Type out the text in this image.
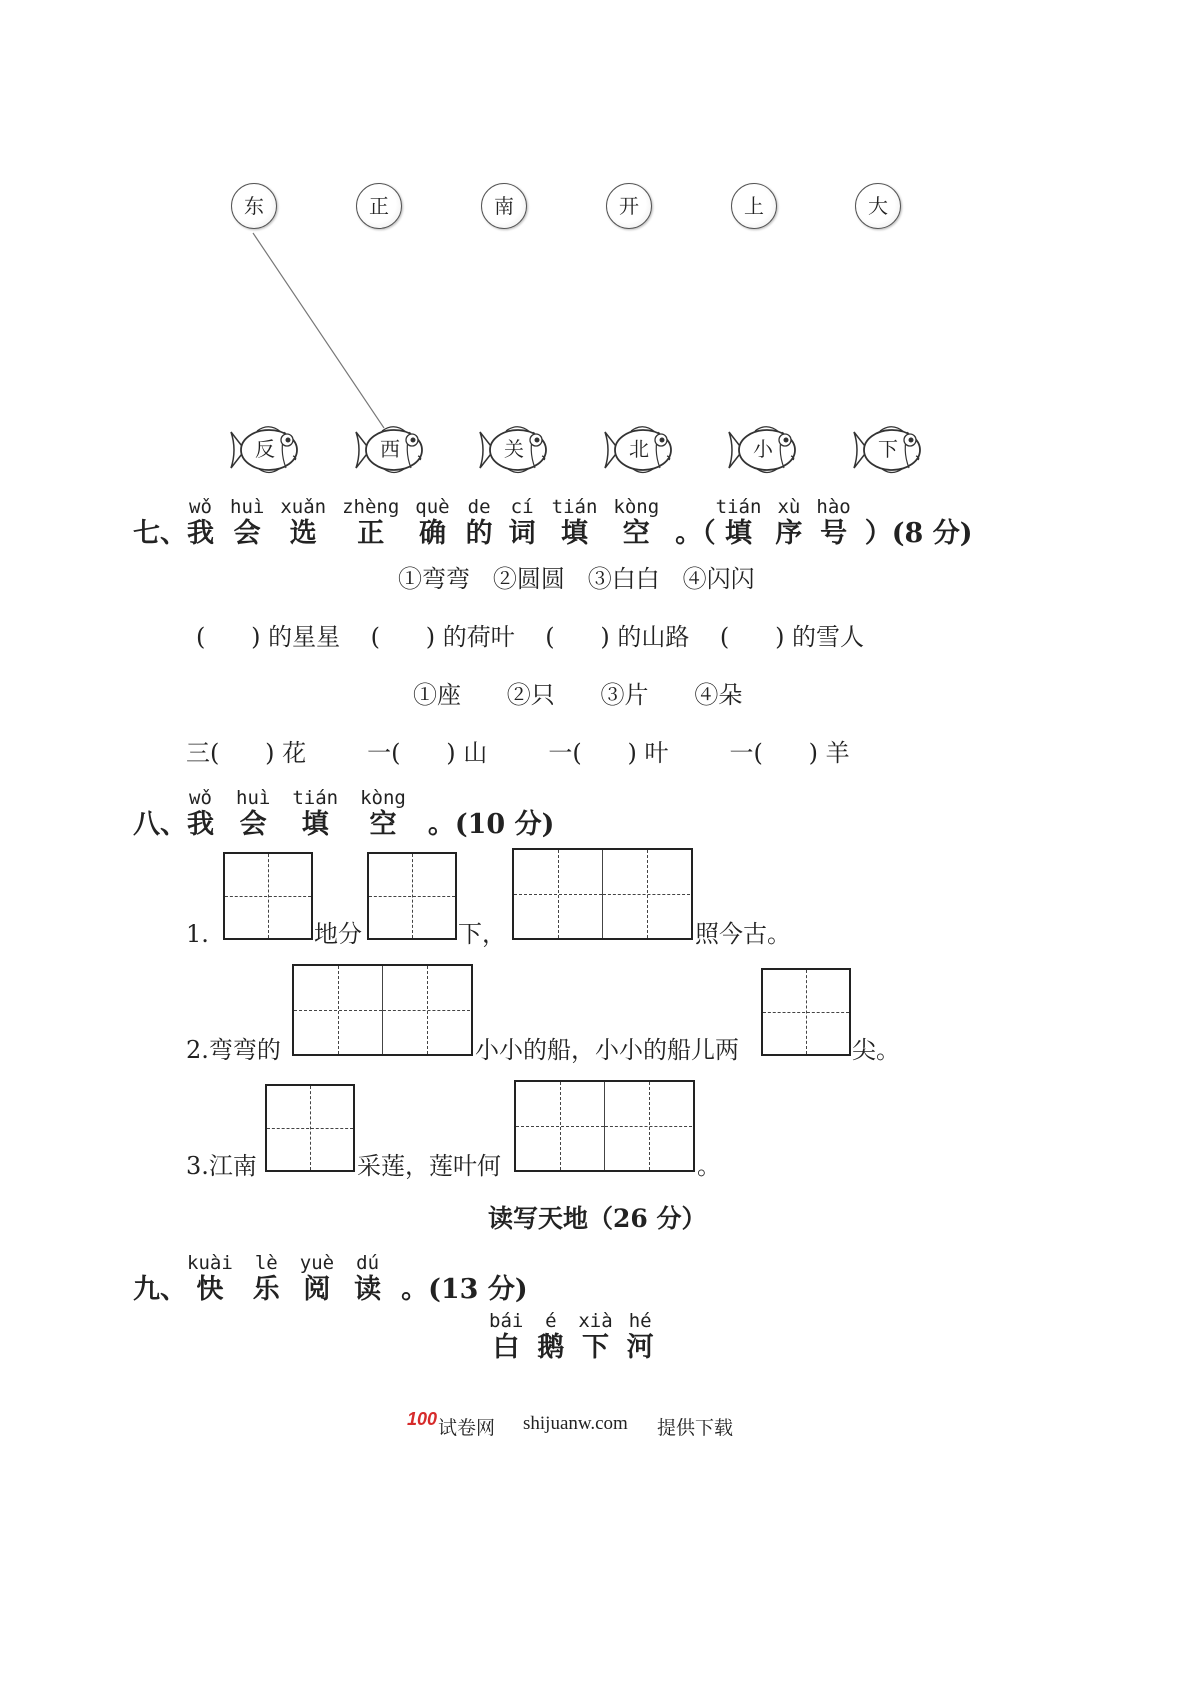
东	正	南	开	上	大
反	西	关	北	小	下
七、
wǒ
我
huì
会
xuǎn
选
zhèng
正
què
确
de
的
cí
词
tián
填
kòng
空 。（
tián
填
xù
序
hào
号 ）(8 分)
①弯弯   ②圆圆   ③白白   ④闪闪
(      ) 的星星    (      ) 的荷叶    (      ) 的山路    (      ) 的雪人
①座      ②只      ③片      ④朵
三(      ) 花        一(      ) 山        一(      ) 叶        一(      ) 羊
八、
wǒ
我
huì
会
tián
填
kòng
空 。(10 分)
1.	地分	下，	照今古。
2.弯弯的	小小的船，小小的船儿两	尖。
3.江南	采莲，莲叶何	。
读写天地（26 分）
九、
kuài
快
lè
乐
yuè
阅
dú
读 。(13 分)
bái
白
é
鹅
xià
下
hé
河
100 试卷网 shijuanw.com 提供下载
